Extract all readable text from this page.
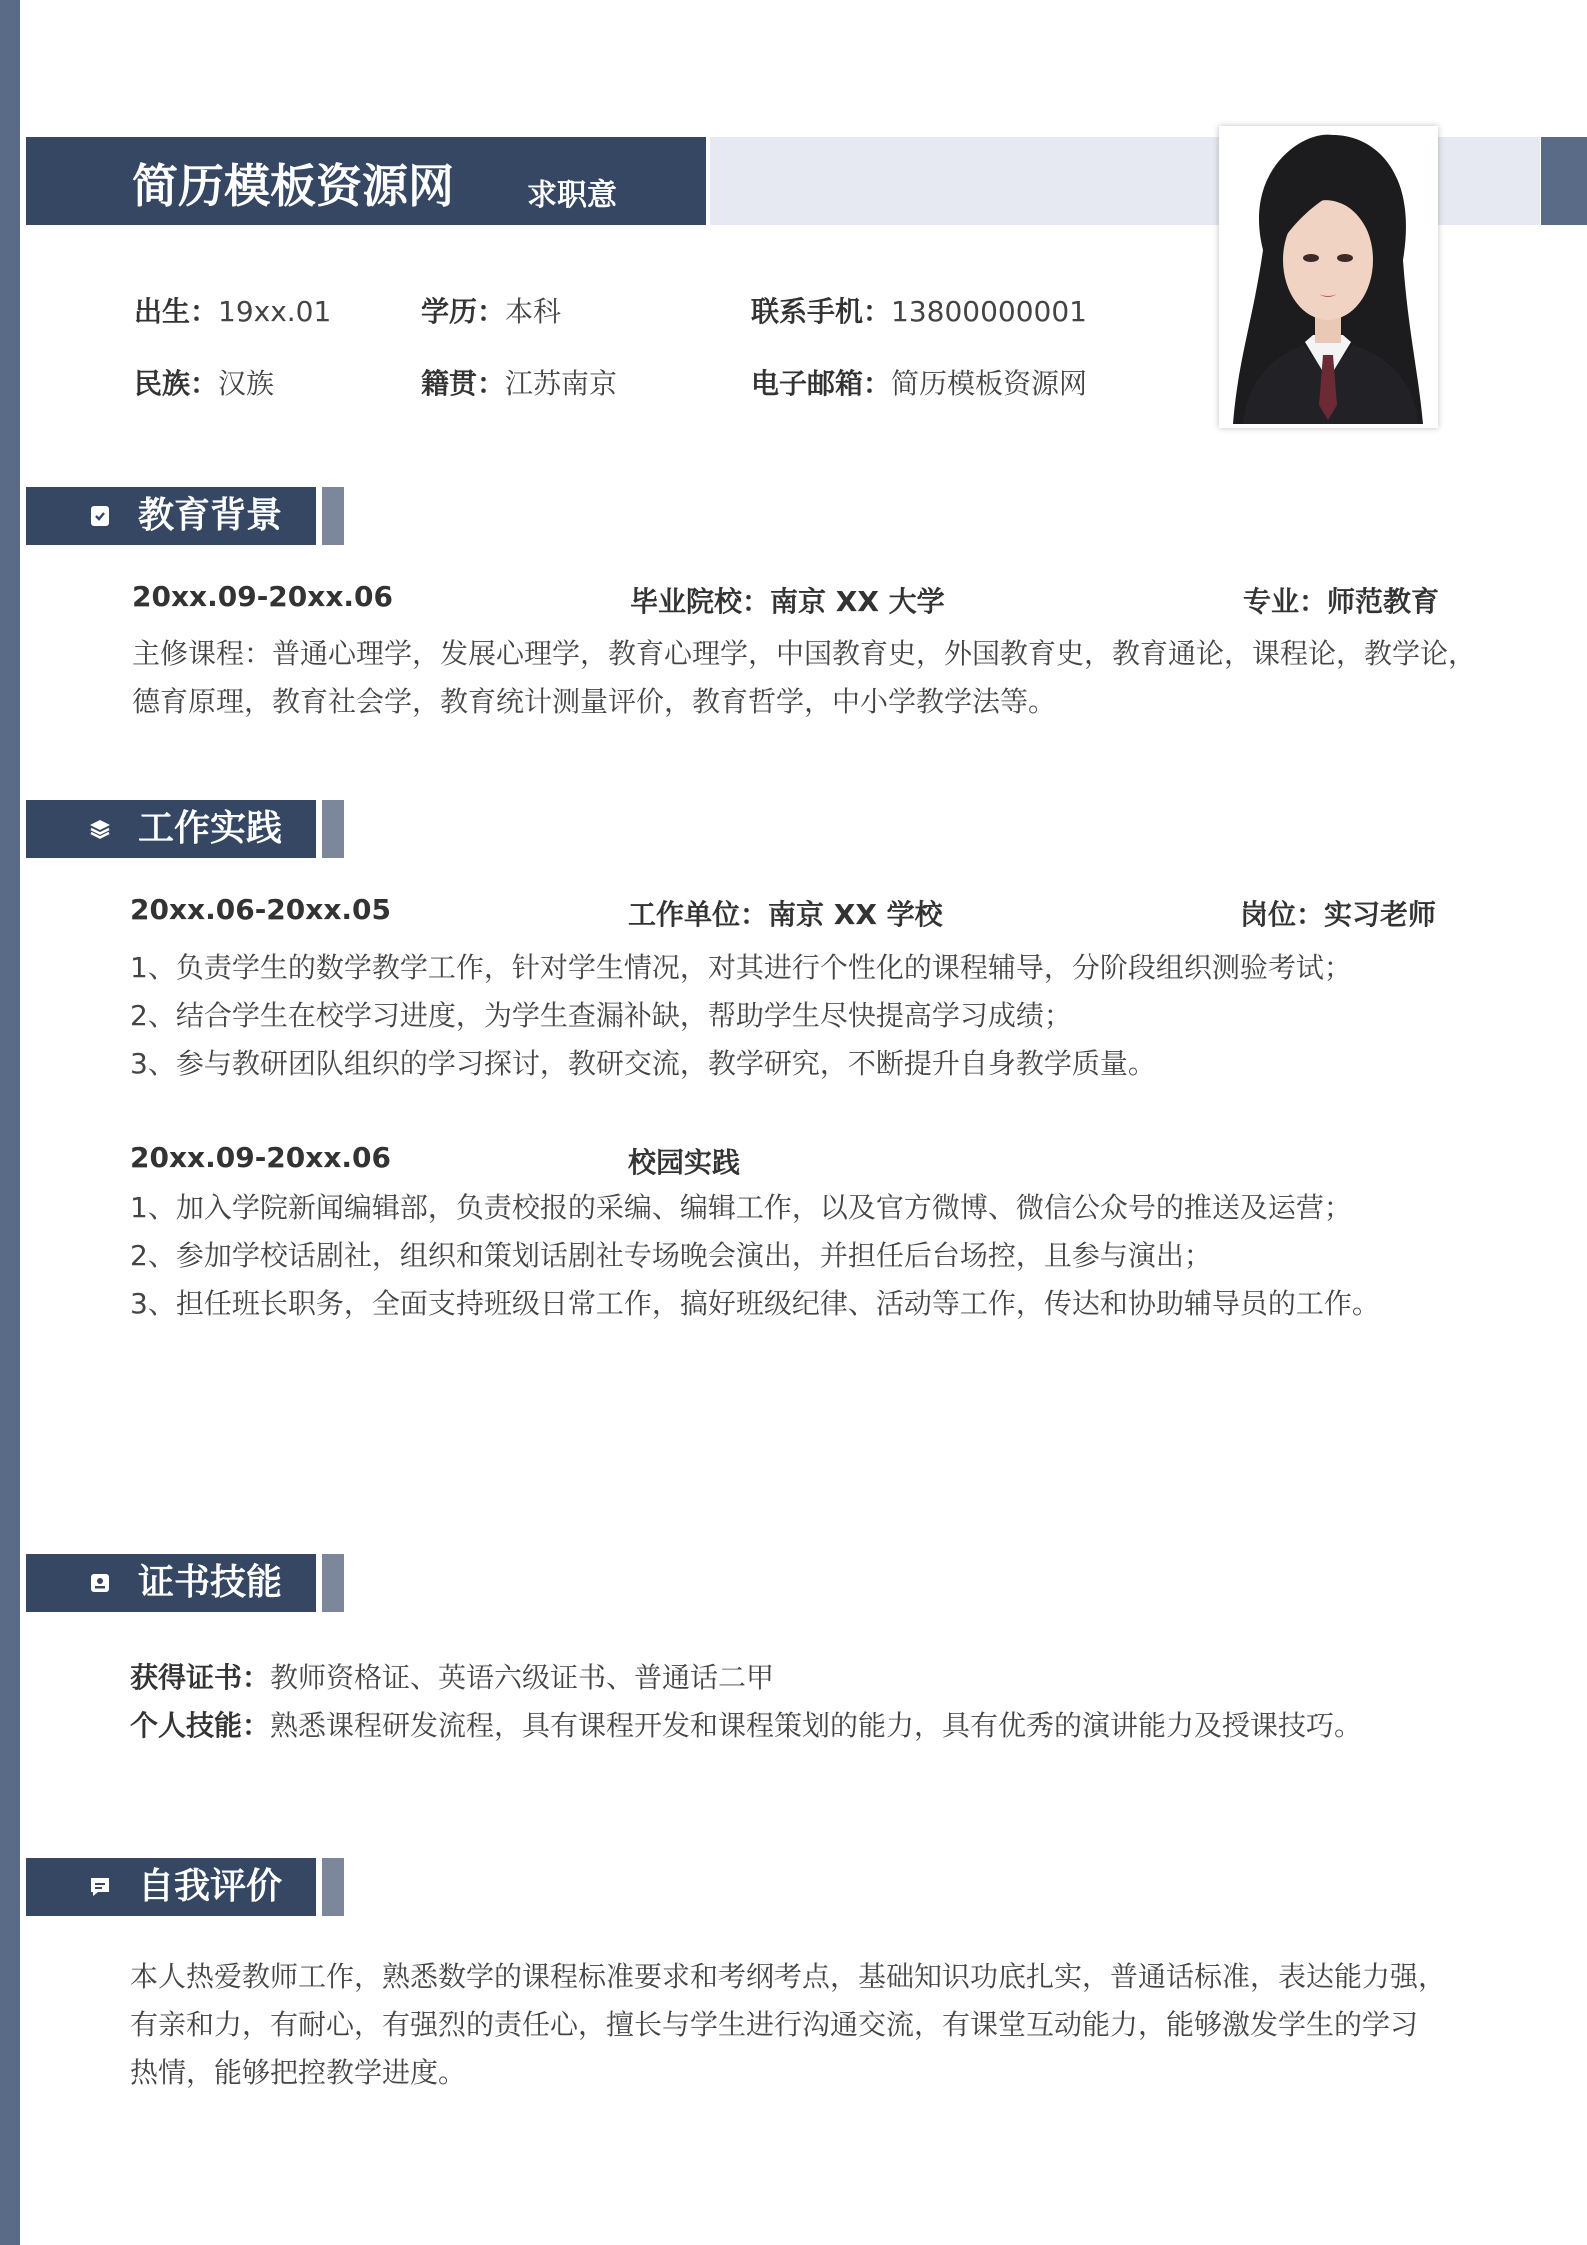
简历模板资源网 求职意
出生：19xx.01	学历：本科	联系手机：13800000001
民族：汉族	籍贯：江苏南京	电子邮箱：简历模板资源网
教育背景
20xx.09-20xx.06	毕业院校：南京 XX 大学	专业：师范教育
主修课程：普通心理学，发展心理学，教育心理学，中国教育史，外国教育史，教育通论，课程论，教学论，
德育原理，教育社会学，教育统计测量评价，教育哲学，中小学教学法等。
工作实践
20xx.06-20xx.05	工作单位：南京 XX 学校	岗位：实习老师
1、负责学生的数学教学工作，针对学生情况，对其进行个性化的课程辅导，分阶段组织测验考试；
2、结合学生在校学习进度，为学生查漏补缺，帮助学生尽快提高学习成绩；
3、参与教研团队组织的学习探讨，教研交流，教学研究，不断提升自身教学质量。
20xx.09-20xx.06	校园实践
1、加入学院新闻编辑部，负责校报的采编、编辑工作，以及官方微博、微信公众号的推送及运营；
2、参加学校话剧社，组织和策划话剧社专场晚会演出，并担任后台场控，且参与演出；
3、担任班长职务，全面支持班级日常工作，搞好班级纪律、活动等工作，传达和协助辅导员的工作。
证书技能
获得证书：教师资格证、英语六级证书、普通话二甲
个人技能：熟悉课程研发流程，具有课程开发和课程策划的能力，具有优秀的演讲能力及授课技巧。
自我评价
本人热爱教师工作，熟悉数学的课程标准要求和考纲考点，基础知识功底扎实，普通话标准，表达能力强，
有亲和力，有耐心，有强烈的责任心，擅长与学生进行沟通交流，有课堂互动能力，能够激发学生的学习
热情，能够把控教学进度。
